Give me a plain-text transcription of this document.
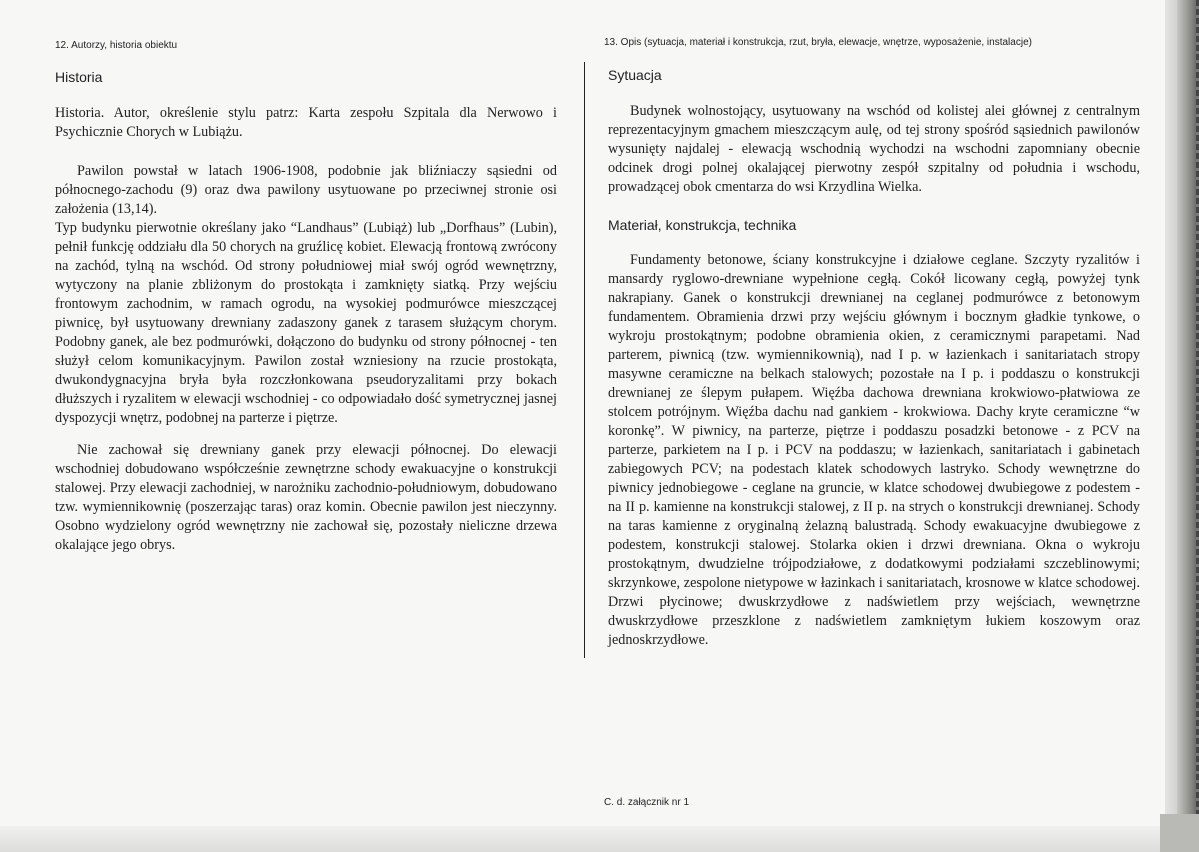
12. Autorzy, historia obiektu
Historia
Historia. Autor, określenie stylu patrz: Karta zespołu Szpitala dla Nerwowo i Psychicznie Chorych w Lubiążu.
Pawilon powstał w latach 1906-1908, podobnie jak bliźniaczy sąsiedni od północnego-zachodu (9) oraz dwa pawilony usytuowane po przeciwnej stronie osi założenia (13,14).
Typ budynku pierwotnie określany jako “Landhaus” (Lubiąż) lub „Dorfhaus” (Lubin), pełnił funkcję oddziału dla 50 chorych na gruźlicę kobiet. Elewacją frontową zwrócony na zachód, tylną na wschód. Od strony południowej miał swój ogród wewnętrzny, wytyczony na planie zbliżonym do prostokąta i zamknięty siatką. Przy wejściu frontowym zachodnim, w ramach ogrodu, na wysokiej podmurówce mieszczącej piwnicę, był usytuowany drewniany zadaszony ganek z tarasem służącym chorym. Podobny ganek, ale bez podmurówki, dołączono do budynku od strony północnej - ten służył celom komunikacyjnym. Pawilon został wzniesiony na rzucie prostokąta, dwukondygnacyjna bryła była rozczłonkowana pseudoryzalitami przy bokach dłuższych i ryzalitem w elewacji wschodniej - co odpowiadało dość symetrycznej jasnej dyspozycji wnętrz, podobnej na parterze i piętrze.
Nie zachował się drewniany ganek przy elewacji północnej. Do elewacji wschodniej dobudowano współcześnie zewnętrzne schody ewakuacyjne o konstrukcji stalowej. Przy elewacji zachodniej, w narożniku zachodnio-południowym, dobudowano tzw. wymiennikownię (poszerzając taras) oraz komin. Obecnie pawilon jest nieczynny. Osobno wydzielony ogród wewnętrzny nie zachował się, pozostały nieliczne drzewa okalające jego obrys.
13. Opis (sytuacja, materiał i konstrukcja, rzut, bryła, elewacje, wnętrze, wyposażenie, instalacje)
Sytuacja
Budynek wolnostojący, usytuowany na wschód od kolistej alei głównej z centralnym reprezentacyjnym gmachem mieszczącym aulę, od tej strony spośród sąsiednich pawilonów wysunięty najdalej - elewacją wschodnią wychodzi na wschodni zapomniany obecnie odcinek drogi polnej okalającej pierwotny zespół szpitalny od południa i wschodu, prowadzącej obok cmentarza do wsi Krzydlina Wielka.
Materiał, konstrukcja, technika
Fundamenty betonowe, ściany konstrukcyjne i działowe ceglane. Szczyty ryzalitów i mansardy ryglowo-drewniane wypełnione cegłą. Cokół licowany cegłą, powyżej tynk nakrapiany. Ganek o konstrukcji drewnianej na ceglanej podmurówce z betonowym fundamentem. Obramienia drzwi przy wejściu głównym i bocznym gładkie tynkowe, o wykroju prostokątnym; podobne obramienia okien, z ceramicznymi parapetami. Nad parterem, piwnicą (tzw. wymiennikownią), nad I p. w łazienkach i sanitariatach stropy masywne ceramiczne na belkach stalowych; pozostałe na I p. i poddaszu o konstrukcji drewnianej ze ślepym pułapem. Więźba dachowa drewniana krokwiowo-płatwiowa ze stolcem potrójnym. Więźba dachu nad gankiem - krokwiowa. Dachy kryte ceramiczne “w koronkę”. W piwnicy, na parterze, piętrze i poddaszu posadzki betonowe - z PCV na parterze, parkietem na I p. i PCV na poddaszu; w łazienkach, sanitariatach i gabinetach zabiegowych PCV; na podestach klatek schodowych lastryko. Schody wewnętrzne do piwnicy jednobiegowe - ceglane na gruncie, w klatce schodowej dwubiegowe z podestem - na II p. kamienne na konstrukcji stalowej, z II p. na strych o konstrukcji drewnianej. Schody na taras kamienne z oryginalną żelazną balustradą. Schody ewakuacyjne dwubiegowe z podestem, konstrukcji stalowej. Stolarka okien i drzwi drewniana. Okna o wykroju prostokątnym, dwudzielne trójpodziałowe, z dodatkowymi podziałami szczeblinowymi; skrzynkowe, zespolone nietypowe w łazinkach i sanitariatach, krosnowe w klatce schodowej. Drzwi płycinowe; dwuskrzydłowe z nadświetlem przy wejściach, wewnętrzne dwuskrzydłowe przeszklone z nadświetlem zamkniętym łukiem koszowym oraz jednoskrzydłowe.
C. d. załącznik nr 1
